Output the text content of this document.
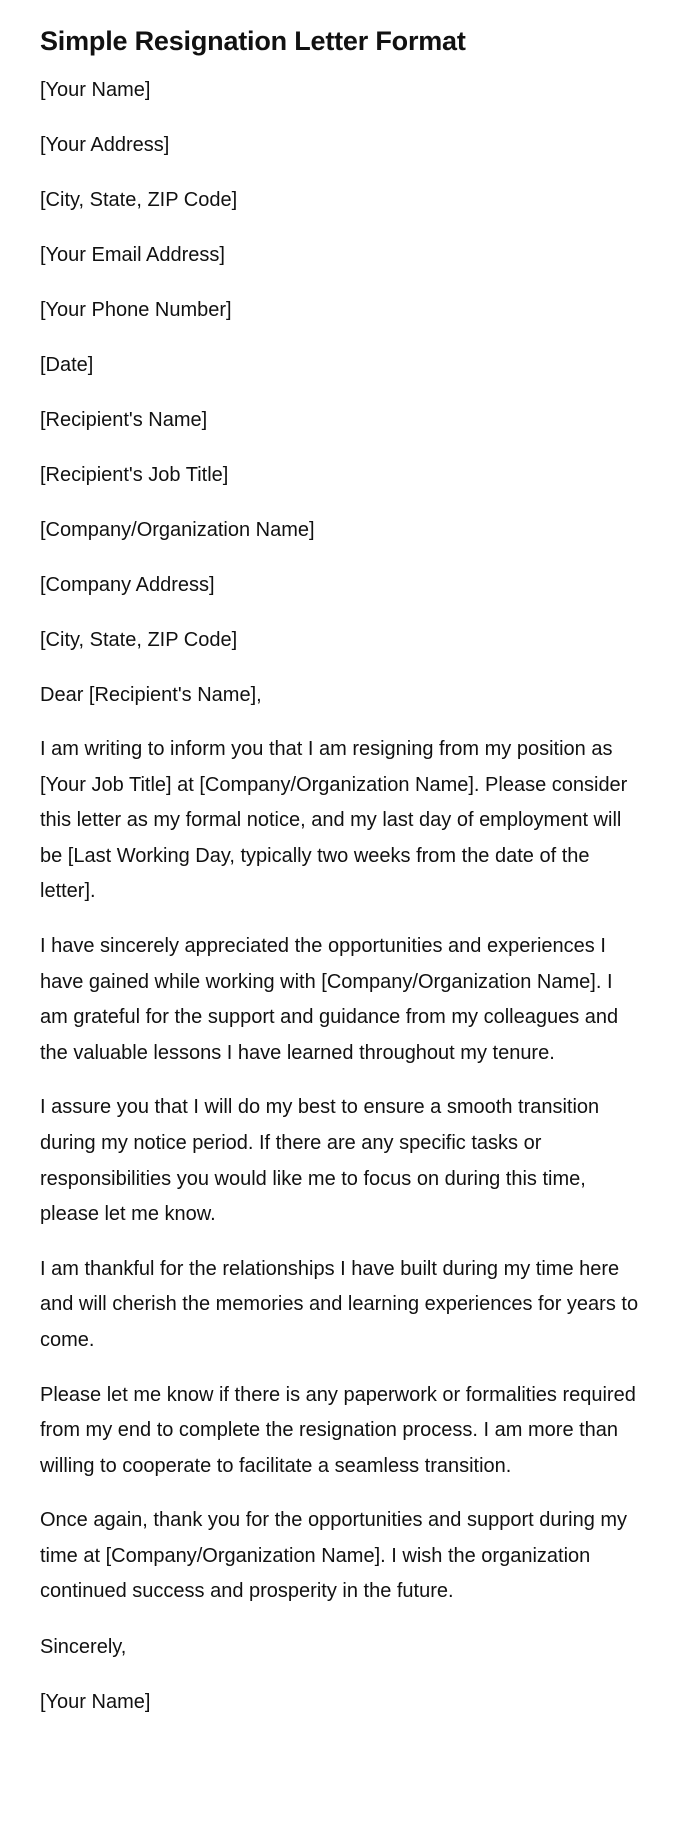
Simple Resignation Letter Format

[Your Name]

[Your Address]

[City, State, ZIP Code]

[Your Email Address]

[Your Phone Number]

[Date]

[Recipient's Name]

[Recipient's Job Title]

[Company/Organization Name]

[Company Address]

[City, State, ZIP Code]

Dear [Recipient's Name],

I am writing to inform you that I am resigning from my position as [Your Job Title] at [Company/Organization Name]. Please consider this letter as my formal notice, and my last day of employment will be [Last Working Day, typically two weeks from the date of the letter].

I have sincerely appreciated the opportunities and experiences I have gained while working with [Company/Organization Name]. I am grateful for the support and guidance from my colleagues and the valuable lessons I have learned throughout my tenure.

I assure you that I will do my best to ensure a smooth transition during my notice period. If there are any specific tasks or responsibilities you would like me to focus on during this time, please let me know.

I am thankful for the relationships I have built during my time here and will cherish the memories and learning experiences for years to come.

Please let me know if there is any paperwork or formalities required from my end to complete the resignation process. I am more than willing to cooperate to facilitate a seamless transition.

Once again, thank you for the opportunities and support during my time at [Company/Organization Name]. I wish the organization continued success and prosperity in the future.

Sincerely,

[Your Name]
